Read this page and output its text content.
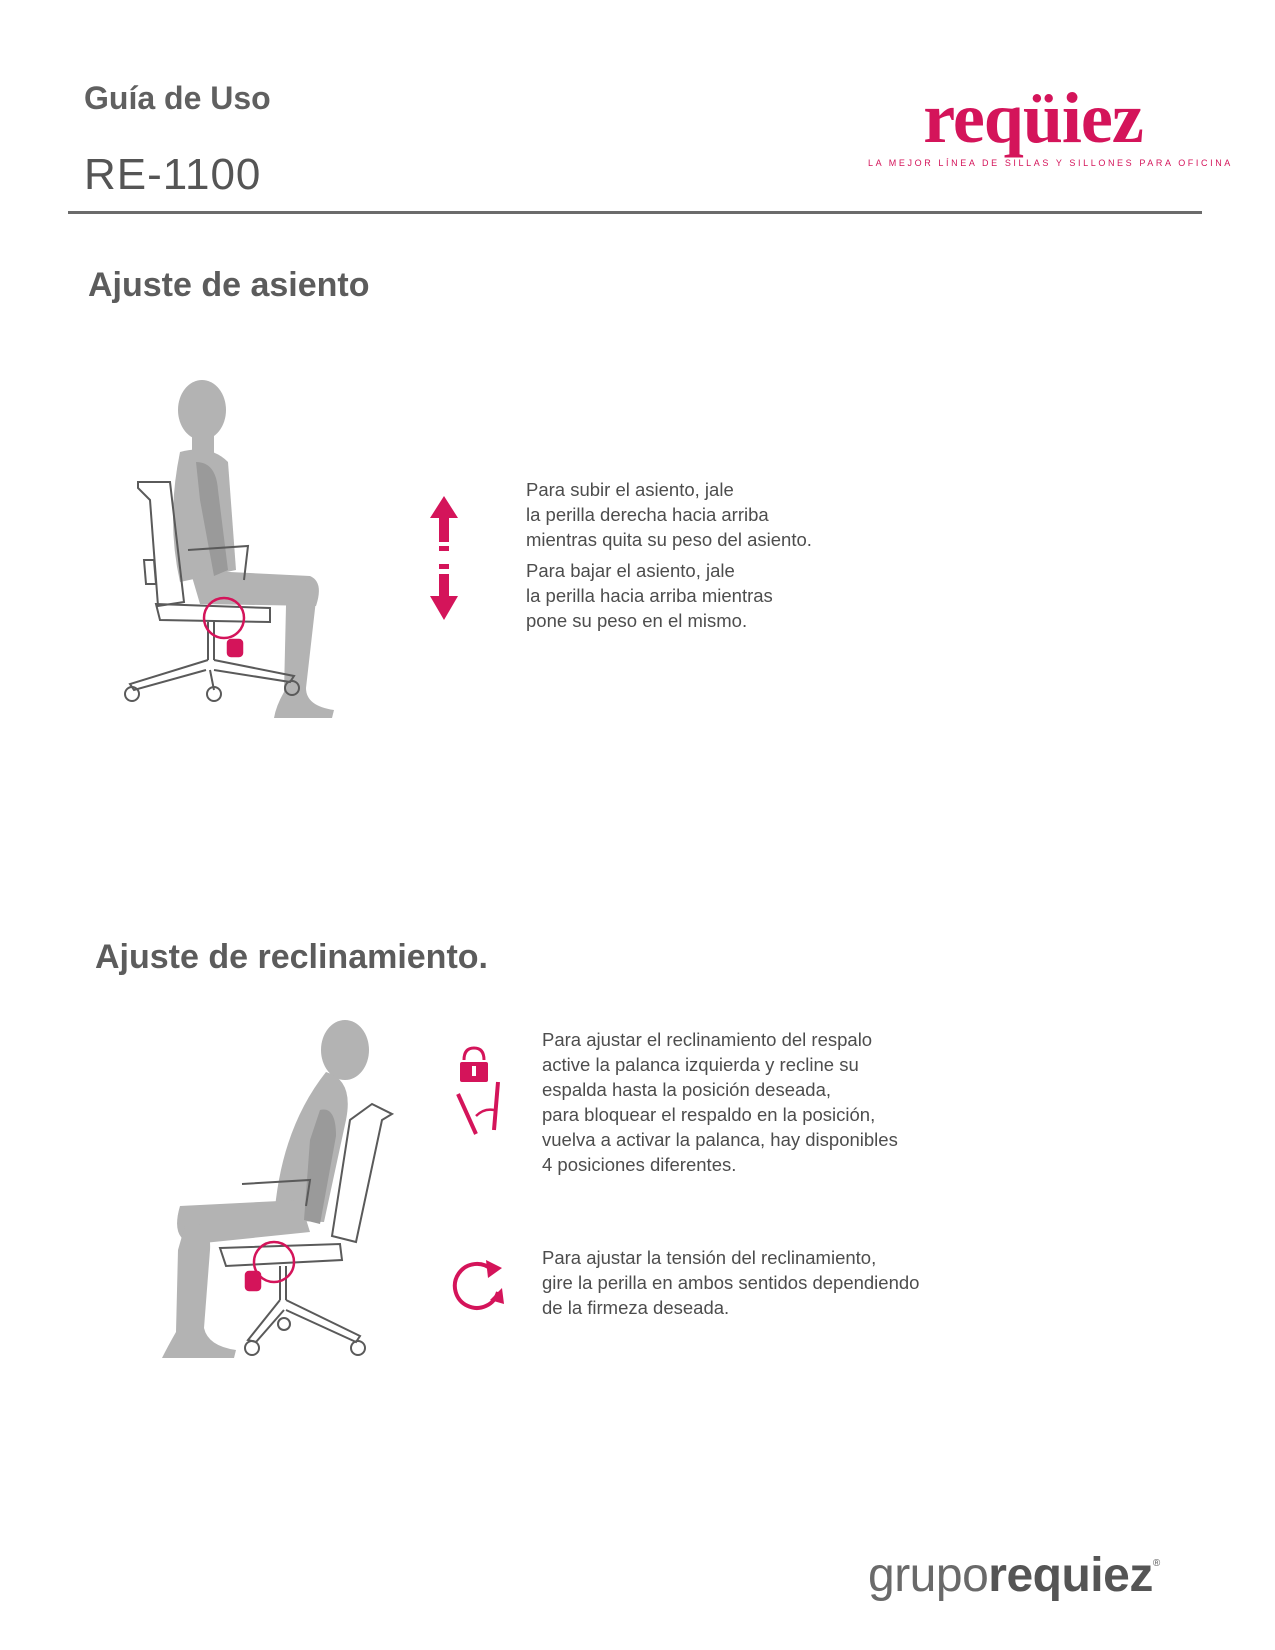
Guía de Uso
RE-1100
reqüiez
LA MEJOR LÍNEA DE SILLAS Y SILLONES PARA OFICINA
Ajuste de asiento
Para subir el asiento, jale
la perilla derecha hacia arriba
mientras quita su peso del asiento.
Para bajar el asiento, jale
la perilla hacia arriba mientras
pone su peso en el mismo.
Ajuste de reclinamiento.
Para ajustar el reclinamiento del respalo
active la palanca izquierda y recline su
espalda hasta la posición deseada,
para bloquear el respaldo en la posición,
vuelva a activar la palanca, hay disponibles
4 posiciones diferentes.
Para ajustar la tensión del reclinamiento,
gire la perilla en ambos sentidos dependiendo
de la firmeza deseada.
gruporequiez®
